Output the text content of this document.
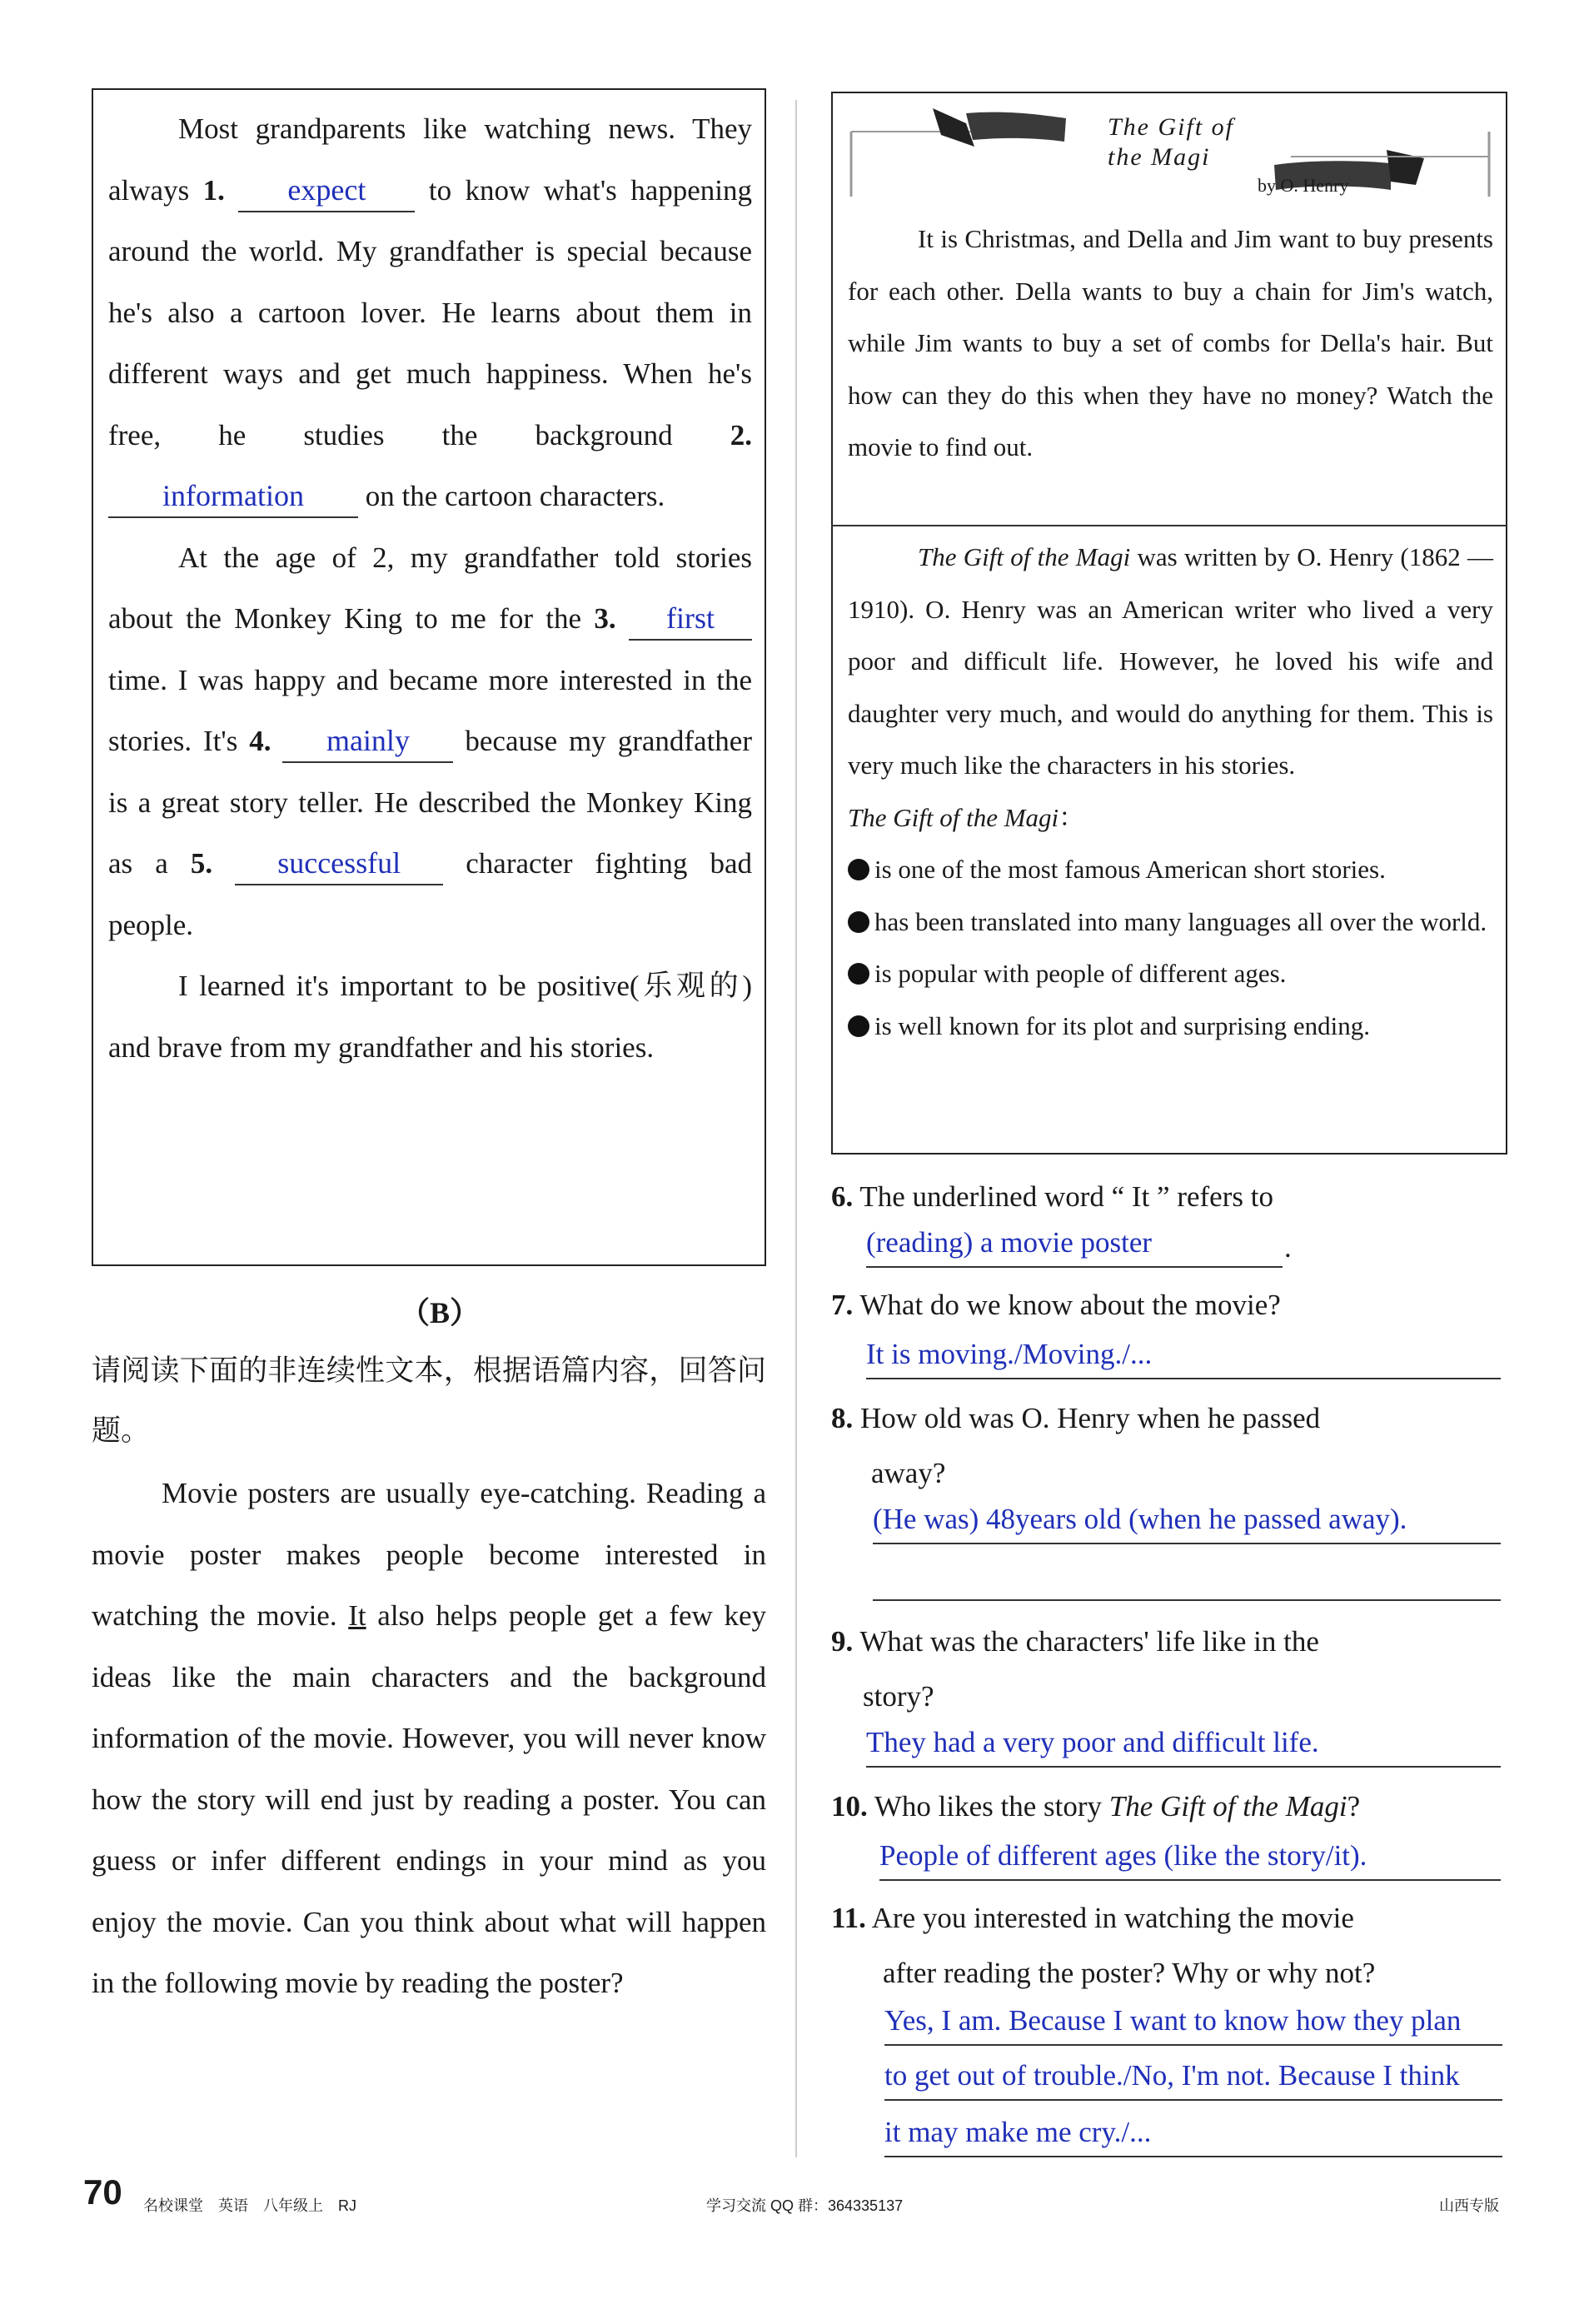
Most grandparents like watching news. They always 1. expect to know what's happening around the world. My grandfather is special because he's also a cartoon lover. He learns about them in different ways and get much happiness. When he's free, he studies the background 2. information on the cartoon characters.

At the age of 2, my grandfather told stories about the Monkey King to me for the 3. first time. I was happy and became more interested in the stories. It's 4. mainly because my grandfather is a great story teller. He described the Monkey King as a 5. successful character fighting bad people.

I learned it's important to be positive(乐观的) and brave from my grandfather and his stories.

（B）
请阅读下面的非连续性文本，根据语篇内容，回答问题。

Movie posters are usually eye-catching. Reading a movie poster makes people become interested in watching the movie. It also helps people get a few key ideas like the main characters and the background information of the movie. However, you will never know how the story will end just by reading a poster. You can guess or infer different endings in your mind as you enjoy the movie. Can you think about what will happen in the following movie by reading the poster?

The Gift of
the Magi
by O. Henry
It is Christmas, and Della and Jim want to buy presents for each other. Della wants to buy a chain for Jim's watch, while Jim wants to buy a set of combs for Della's hair. But how can they do this when they have no money? Watch the movie to find out.

The Gift of the Magi was written by O. Henry (1862 — 1910). O. Henry was an American writer who lived a very poor and difficult life. However, he loved his wife and daughter very much, and would do anything for them. This is very much like the characters in his stories.

The Gift of the Magi：

is one of the most famous American short stories.

has been translated into many languages all over the world.

is popular with people of different ages.

is well known for its plot and surprising ending.

6. The underlined word “ It ” refers to
(reading) a movie poster	.
7. What do we know about the movie?
It is moving./Moving./...
8. How old was O. Henry when he passed
away?
(He was) 48years old (when he passed away).
9. What was the characters' life like in the
story?
They had a very poor and difficult life.
10. Who likes the story The Gift of the Magi?
People of different ages (like the story/it).
11. Are you interested in watching the movie
after reading the poster? Why or why not?
Yes, I am. Because I want to know how they plan
to get out of trouble./No, I'm not. Because I think
it may make me cry./...
70 名校课堂　英语　八年级上　RJ	学习交流 QQ 群：364335137	山西专版
